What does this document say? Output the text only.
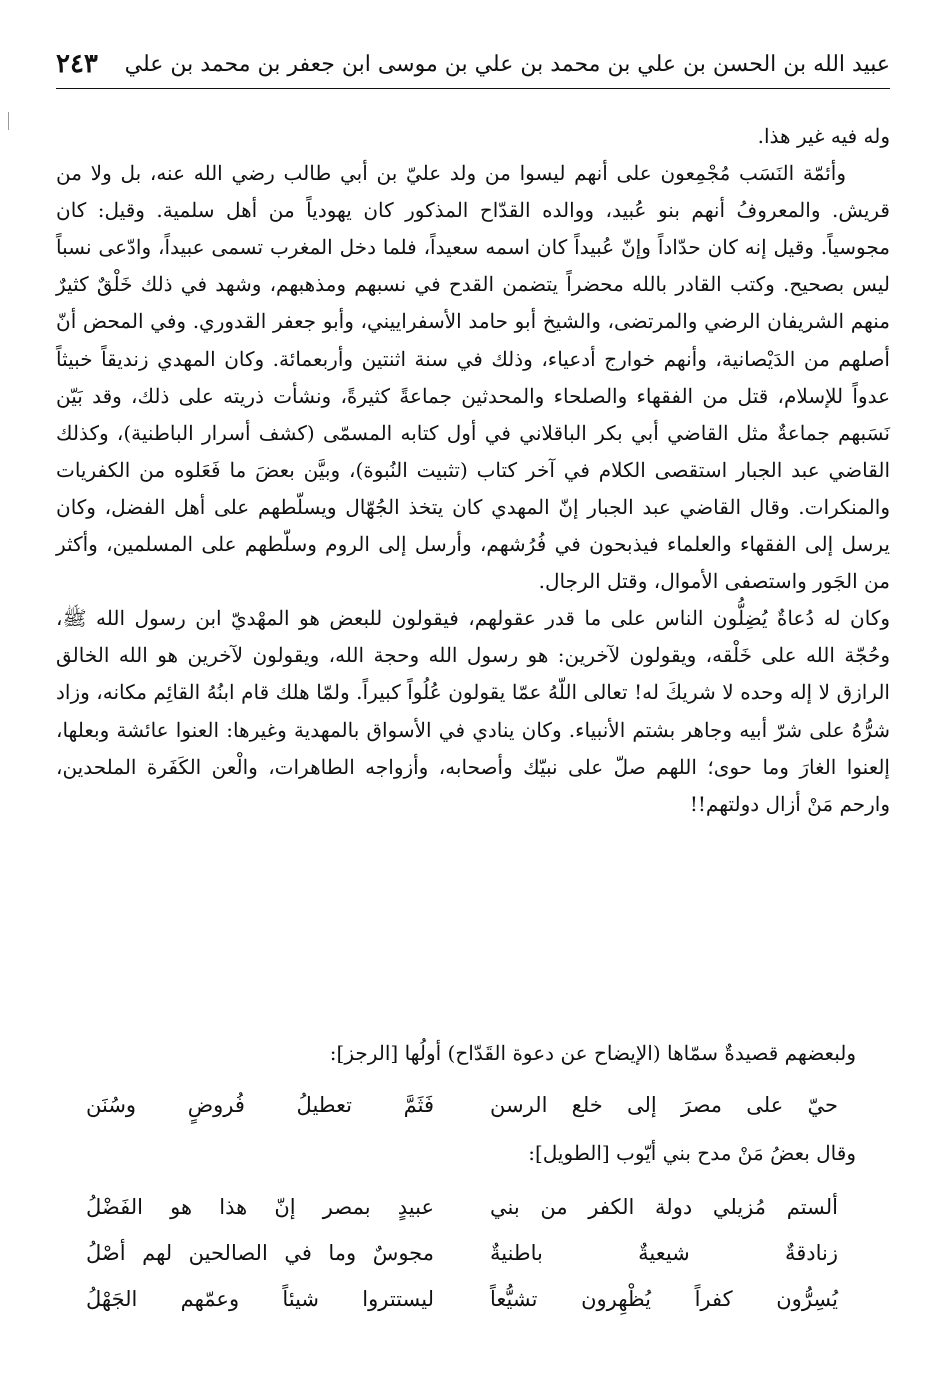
عبيد الله بن الحسن بن علي بن محمد بن علي بن موسى ابن جعفر بن محمد بن علي
٢٤٣

وله فيه غير هذا.

وأئمّة النَسَب مُجْمِعون على أنهم ليسوا من ولد عليّ بن أبي طالب رضي الله عنه، بل ولا من قريش. والمعروفُ أنهم بنو عُبيد، ووالده القدّاح المذكور كان يهودياً من أهل سلمية. وقيل: كان مجوسياً. وقيل إنه كان حدّاداً وإنّ عُبيداً كان اسمه سعيداً، فلما دخل المغرب تسمى عبيداً، وادّعى نسباً ليس بصحيح. وكتب القادر بالله محضراً يتضمن القدح في نسبهم ومذهبهم، وشهد في ذلك خَلْقٌ كثيرٌ منهم الشريفان الرضي والمرتضى، والشيخ أبو حامد الأسفراييني، وأبو جعفر القدوري. وفي المحض أنّ أصلهم من الدَيْصانية، وأنهم خوارج أدعياء، وذلك في سنة اثنتين وأربعمائة. وكان المهدي زنديقاً خبيثاً عدواً للإسلام، قتل من الفقهاء والصلحاء والمحدثين جماعةً كثيرةً، ونشأت ذريته على ذلك، وقد بَيّن نَسَبهم جماعةٌ مثل القاضي أبي بكر الباقلاني في أول كتابه المسمّى (كشف أسرار الباطنية)، وكذلك القاضي عبد الجبار استقصى الكلام في آخر كتاب (تثبيت النُبوة)، وبيَّن بعضَ ما فَعَلوه من الكفريات والمنكرات. وقال القاضي عبد الجبار إنّ المهدي كان يتخذ الجُهّال ويسلّطهم على أهل الفضل، وكان يرسل إلى الفقهاء والعلماء فيذبحون في فُرُشهم، وأرسل إلى الروم وسلّطهم على المسلمين، وأكثر من الجَور واستصفى الأموال، وقتل الرجال.

وكان له دُعاةٌ يُضِلُّون الناس على ما قدر عقولهم، فيقولون للبعض هو المهْديّ ابن رسول الله ﷺ، وحُجّة الله على خَلْقه، ويقولون لآخرين: هو رسول الله وحجة الله، ويقولون لآخرين هو الله الخالق الرازق لا إله وحده لا شريكَ له! تعالى اللّهُ عمّا يقولون عُلُواً كبيراً. ولمّا هلك قام ابنُهُ القائِم مكانه، وزاد شرُّهُ على شرّ أبيه وجاهر بشتم الأنبياء. وكان ينادي في الأسواق بالمهدية وغيرها: العنوا عائشة وبعلها، إلعنوا الغارَ وما حوى؛ اللهم صلّ على نبيّك وأصحابه، وأزواجه الطاهرات، والْعن الكَفَرة الملحدين، وارحم مَنْ أزال دولتهم!!

ولبعضهم قصيدةٌ سمّاها (الإيضاح عن دعوة القَدّاح) أولُها [الرجز]:
حيّ على مصرَ إلى خلع الرسن
فَثَمَّ تعطيلُ فُروضٍ وسُنَن
وقال بعضُ مَنْ مدح بني أيّوب [الطويل]:
ألستم مُزيلي دولة الكفر من بني
عبيدٍ بمصر إنّ هذا هو الفَضْلُ
زنادقةٌ شيعيةٌ باطنيةٌ
مجوسٌ وما في الصالحين لهم أصْلُ
يُسِرُّون كفراً يُظْهِرون تشيُّعاً
ليستتروا شيئاً وعمّهم الجَهْلُ
